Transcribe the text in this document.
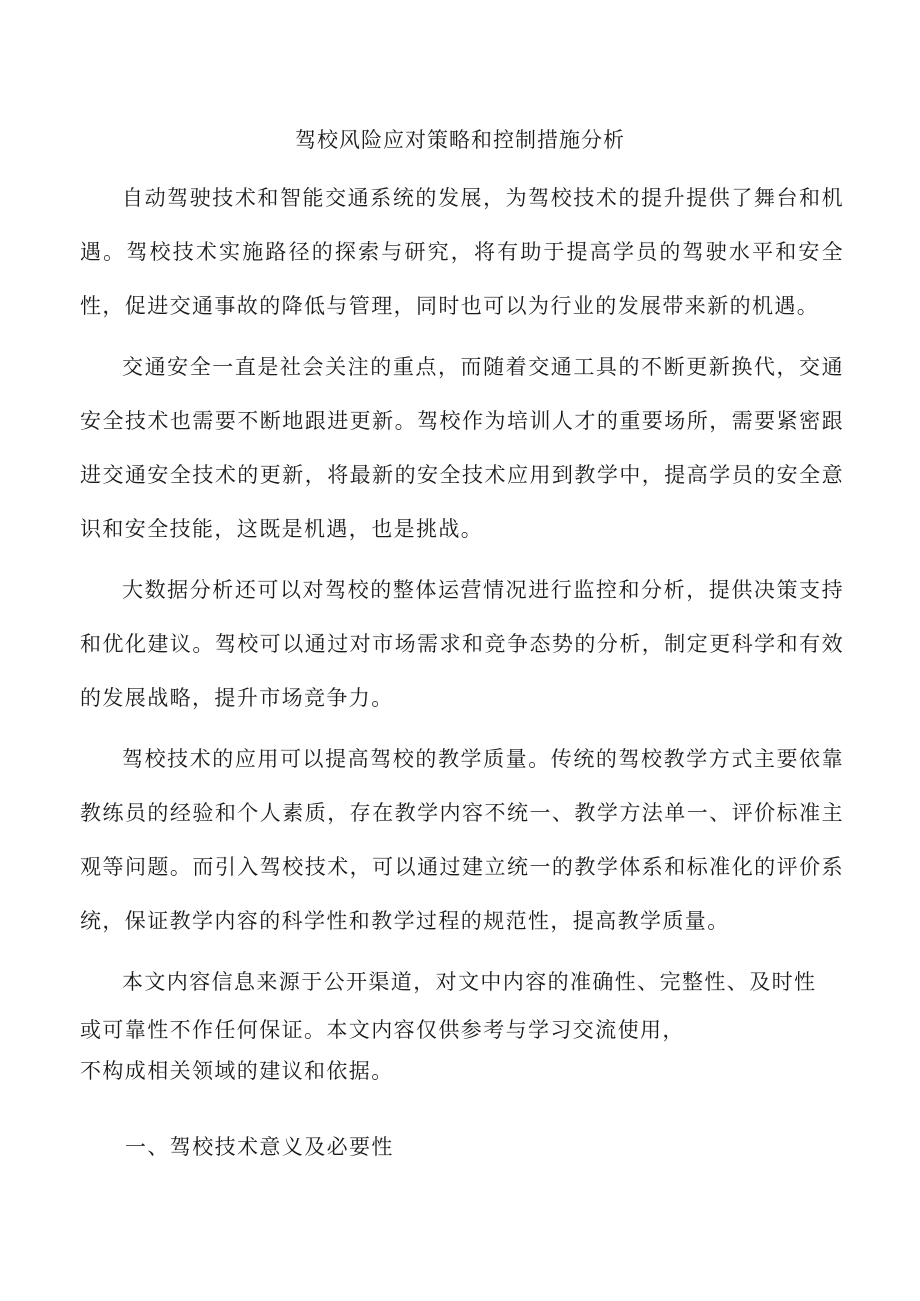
驾校风险应对策略和控制措施分析

自动驾驶技术和智能交通系统的发展，为驾校技术的提升提供了舞台和机遇。驾校技术实施路径的探索与研究，将有助于提高学员的驾驶水平和安全性，促进交通事故的降低与管理，同时也可以为行业的发展带来新的机遇。

交通安全一直是社会关注的重点，而随着交通工具的不断更新换代，交通安全技术也需要不断地跟进更新。驾校作为培训人才的重要场所，需要紧密跟进交通安全技术的更新，将最新的安全技术应用到教学中，提高学员的安全意识和安全技能，这既是机遇，也是挑战。

大数据分析还可以对驾校的整体运营情况进行监控和分析，提供决策支持和优化建议。驾校可以通过对市场需求和竞争态势的分析，制定更科学和有效的发展战略，提升市场竞争力。

驾校技术的应用可以提高驾校的教学质量。传统的驾校教学方式主要依靠教练员的经验和个人素质，存在教学内容不统一、教学方法单一、评价标准主观等问题。而引入驾校技术，可以通过建立统一的教学体系和标准化的评价系统，保证教学内容的科学性和教学过程的规范性，提高教学质量。

本文内容信息来源于公开渠道，对文中内容的准确性、完整性、及时性
或可靠性不作任何保证。本文内容仅供参考与学习交流使用，
不构成相关领域的建议和依据。
一、驾校技术意义及必要性
